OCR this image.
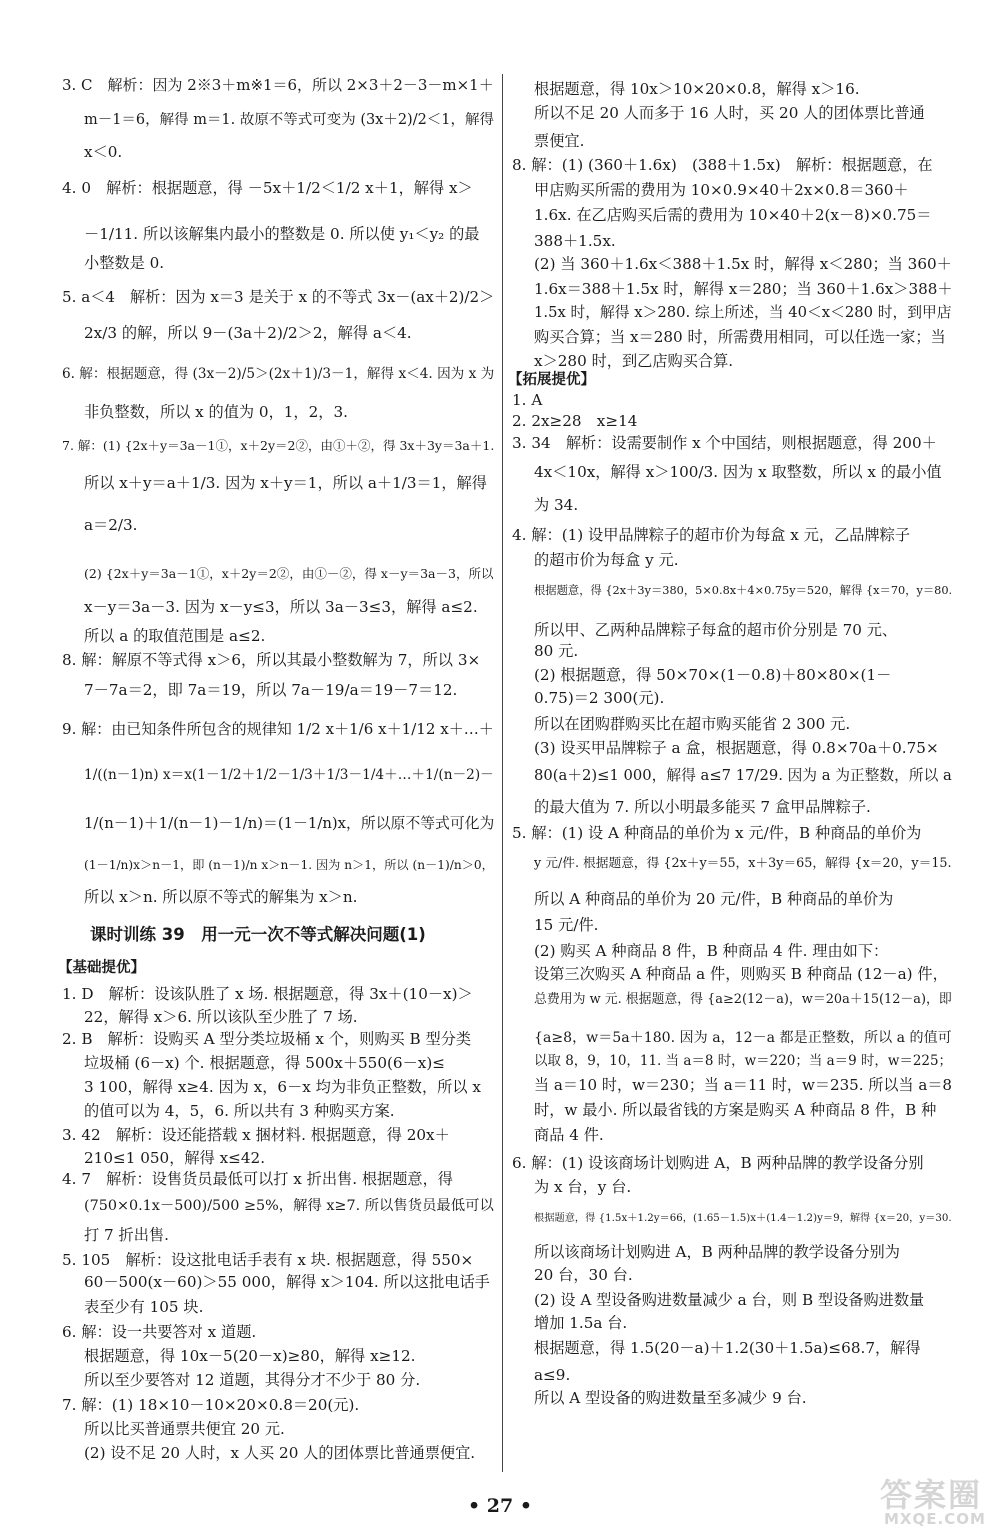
3. C　解析：因为 2※3＋m※1＝6，所以 2×3＋2－3－m×1＋
m－1＝6，解得 m＝1. 故原不等式可变为 (3x＋2)/2＜1，解得
x＜0.
4. 0　解析：根据题意，得 －5x＋1/2＜1/2 x＋1，解得 x＞
－1/11. 所以该解集内最小的整数是 0. 所以使 y₁＜y₂ 的最
小整数是 0.
5. a＜4　解析：因为 x＝3 是关于 x 的不等式 3x－(ax＋2)/2＞
2x/3 的解，所以 9－(3a＋2)/2＞2，解得 a＜4.
6. 解：根据题意，得 (3x－2)/5＞(2x＋1)/3－1，解得 x＜4. 因为 x 为
非负整数，所以 x 的值为 0，1，2，3.
7. 解：(1) {2x＋y＝3a－1①，x＋2y＝2②，由①＋②，得 3x＋3y＝3a＋1.
所以 x＋y＝a＋1/3. 因为 x＋y＝1，所以 a＋1/3＝1，解得
a＝2/3.
(2) {2x＋y＝3a－1①，x＋2y＝2②，由①－②，得 x－y＝3a－3，所以
x－y＝3a－3. 因为 x－y≤3，所以 3a－3≤3，解得 a≤2.
所以 a 的取值范围是 a≤2.
8. 解：解原不等式得 x＞6，所以其最小整数解为 7，所以 3×
7－7a＝2，即 7a＝19，所以 7a－19/a＝19－7＝12.
9. 解：由已知条件所包含的规律知 1/2 x＋1/6 x＋1/12 x＋…＋
1/((n－1)n) x＝x(1－1/2＋1/2－1/3＋1/3－1/4＋…＋1/(n－2)－
1/(n－1)＋1/(n－1)－1/n)＝(1－1/n)x，所以原不等式可化为
(1－1/n)x＞n－1，即 (n－1)/n x＞n－1. 因为 n＞1，所以 (n－1)/n＞0，
所以 x＞n. 所以原不等式的解集为 x＞n.
课时训练 39　用一元一次不等式解决问题(1)
【基础提优】
1. D　解析：设该队胜了 x 场. 根据题意，得 3x＋(10－x)＞
22，解得 x＞6. 所以该队至少胜了 7 场.
2. B　解析：设购买 A 型分类垃圾桶 x 个，则购买 B 型分类
垃圾桶 (6－x) 个. 根据题意，得 500x＋550(6－x)≤
3 100，解得 x≥4. 因为 x，6－x 均为非负正整数，所以 x
的值可以为 4，5，6. 所以共有 3 种购买方案.
3. 42　解析：设还能搭载 x 捆材料. 根据题意，得 20x＋
210≤1 050，解得 x≤42.
4. 7　解析：设售货员最低可以打 x 折出售. 根据题意，得
(750×0.1x－500)/500 ≥5%，解得 x≥7. 所以售货员最低可以
打 7 折出售.
5. 105　解析：设这批电话手表有 x 块. 根据题意，得 550×
60－500(x－60)＞55 000，解得 x＞104. 所以这批电话手
表至少有 105 块.
6. 解：设一共要答对 x 道题.
根据题意，得 10x－5(20－x)≥80，解得 x≥12.
所以至少要答对 12 道题，其得分才不少于 80 分.
7. 解：(1) 18×10－10×20×0.8＝20(元).
所以比买普通票共便宜 20 元.
(2) 设不足 20 人时，x 人买 20 人的团体票比普通票便宜.
根据题意，得 10x＞10×20×0.8，解得 x＞16.
所以不足 20 人而多于 16 人时，买 20 人的团体票比普通
票便宜.
8. 解：(1) (360＋1.6x)　(388＋1.5x)　解析：根据题意，在
甲店购买所需的费用为 10×0.9×40＋2x×0.8＝360＋
1.6x. 在乙店购买后需的费用为 10×40＋2(x－8)×0.75＝
388＋1.5x.
(2) 当 360＋1.6x＜388＋1.5x 时，解得 x＜280；当 360＋
1.6x＝388＋1.5x 时，解得 x＝280；当 360＋1.6x＞388＋
1.5x 时，解得 x＞280. 综上所述，当 40＜x＜280 时，到甲店
购买合算；当 x＝280 时，所需费用相同，可以任选一家；当
x＞280 时，到乙店购买合算.
【拓展提优】
1. A
2. 2x≥28　x≥14
3. 34　解析：设需要制作 x 个中国结，则根据题意，得 200＋
4x＜10x，解得 x＞100/3. 因为 x 取整数，所以 x 的最小值
为 34.
4. 解：(1) 设甲品牌粽子的超市价为每盒 x 元，乙品牌粽子
的超市价为每盒 y 元.
根据题意，得 {2x＋3y＝380，5×0.8x＋4×0.75y＝520，解得 {x＝70，y＝80.
所以甲、乙两种品牌粽子每盒的超市价分别是 70 元、
80 元.
(2) 根据题意，得 50×70×(1－0.8)＋80×80×(1－
0.75)＝2 300(元).
所以在团购群购买比在超市购买能省 2 300 元.
(3) 设买甲品牌粽子 a 盒，根据题意，得 0.8×70a＋0.75×
80(a＋2)≤1 000，解得 a≤7 17/29. 因为 a 为正整数，所以 a
的最大值为 7. 所以小明最多能买 7 盒甲品牌粽子.
5. 解：(1) 设 A 种商品的单价为 x 元/件，B 种商品的单价为
y 元/件. 根据题意，得 {2x＋y＝55，x＋3y＝65，解得 {x＝20，y＝15.
所以 A 种商品的单价为 20 元/件，B 种商品的单价为
15 元/件.
(2) 购买 A 种商品 8 件，B 种商品 4 件. 理由如下：
设第三次购买 A 种商品 a 件，则购买 B 种商品 (12－a) 件，
总费用为 w 元. 根据题意，得 {a≥2(12－a)，w＝20a＋15(12－a)，即
{a≥8，w＝5a＋180. 因为 a，12－a 都是正整数，所以 a 的值可
以取 8，9，10，11. 当 a＝8 时，w＝220；当 a＝9 时，w＝225；
当 a＝10 时，w＝230；当 a＝11 时，w＝235. 所以当 a＝8
时，w 最小. 所以最省钱的方案是购买 A 种商品 8 件，B 种
商品 4 件.
6. 解：(1) 设该商场计划购进 A，B 两种品牌的教学设备分别
为 x 台，y 台.
根据题意，得 {1.5x＋1.2y＝66，(1.65－1.5)x＋(1.4－1.2)y＝9，解得 {x＝20，y＝30.
所以该商场计划购进 A，B 两种品牌的教学设备分别为
20 台，30 台.
(2) 设 A 型设备购进数量减少 a 台，则 B 型设备购进数量
增加 1.5a 台.
根据题意，得 1.5(20－a)＋1.2(30＋1.5a)≤68.7，解得
a≤9.
所以 A 型设备的购进数量至多减少 9 台.
• 27 •	答案圈
MXQE.COM
